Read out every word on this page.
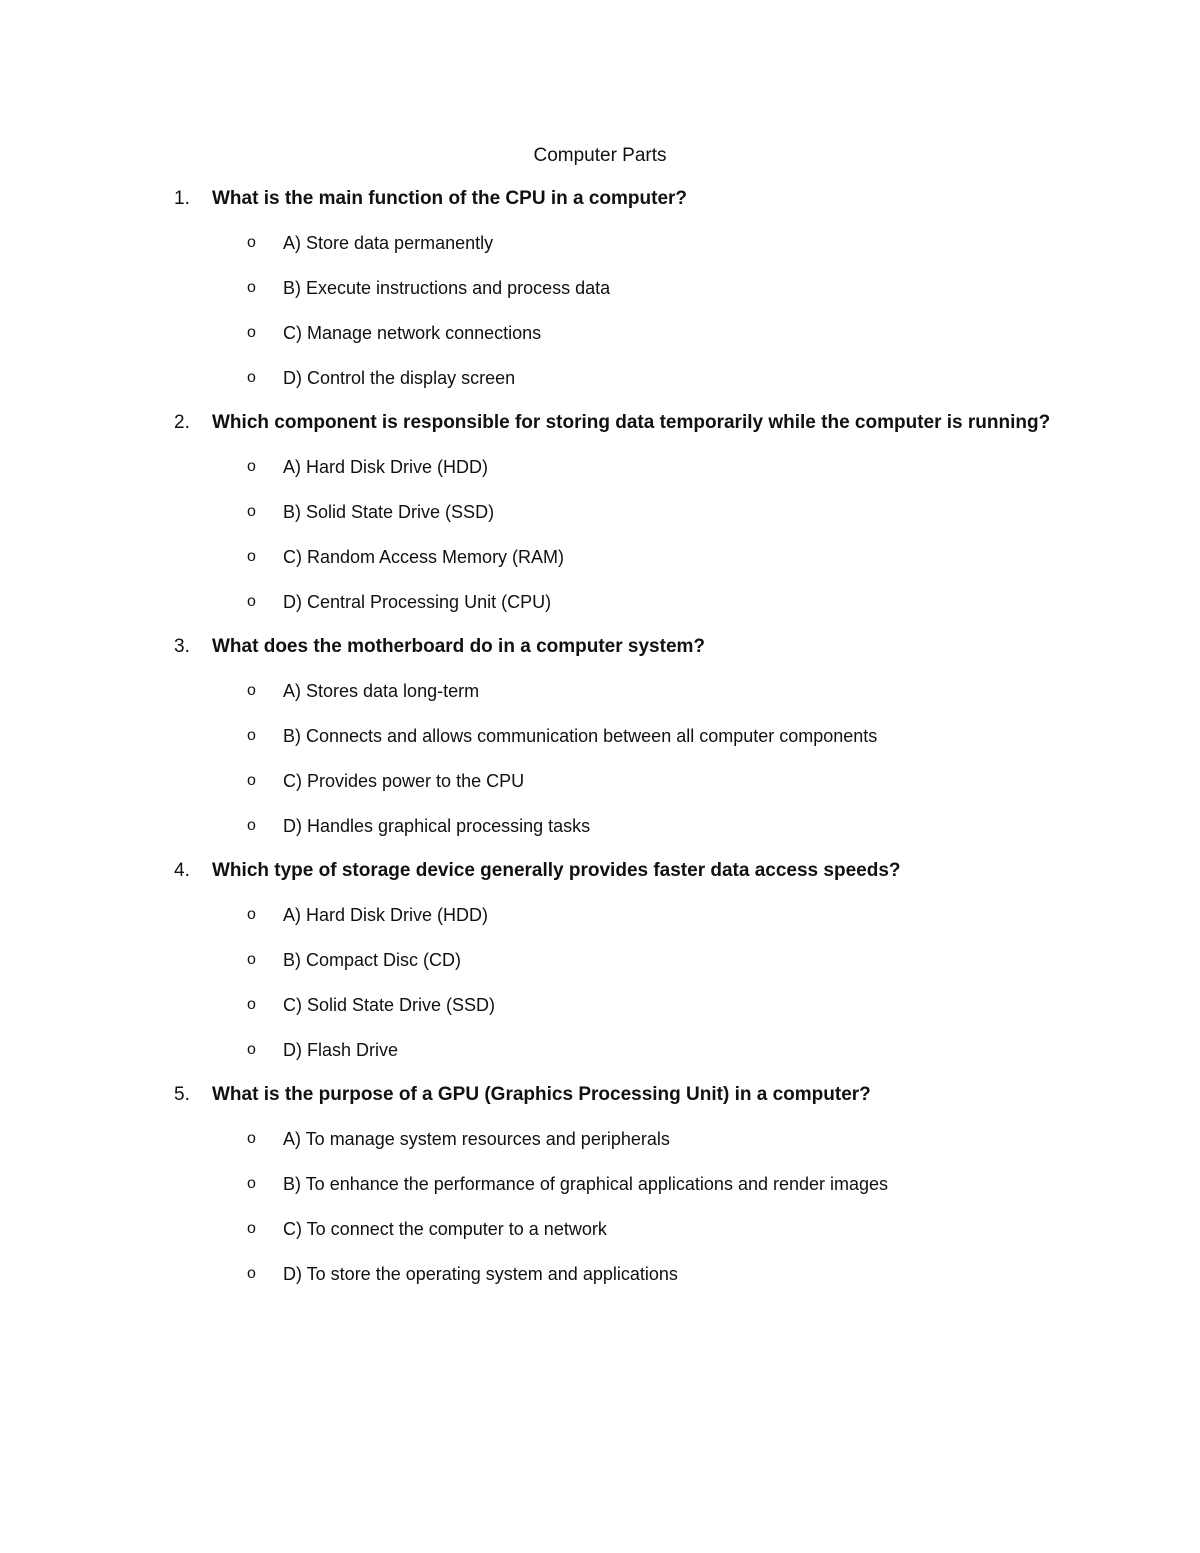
Computer Parts
1. What is the main function of the CPU in a computer?
o A) Store data permanently
o B) Execute instructions and process data
o C) Manage network connections
o D) Control the display screen
2. Which component is responsible for storing data temporarily while the computer is running?
o A) Hard Disk Drive (HDD)
o B) Solid State Drive (SSD)
o C) Random Access Memory (RAM)
o D) Central Processing Unit (CPU)
3. What does the motherboard do in a computer system?
o A) Stores data long-term
o B) Connects and allows communication between all computer components
o C) Provides power to the CPU
o D) Handles graphical processing tasks
4. Which type of storage device generally provides faster data access speeds?
o A) Hard Disk Drive (HDD)
o B) Compact Disc (CD)
o C) Solid State Drive (SSD)
o D) Flash Drive
5. What is the purpose of a GPU (Graphics Processing Unit) in a computer?
o A) To manage system resources and peripherals
o B) To enhance the performance of graphical applications and render images
o C) To connect the computer to a network
o D) To store the operating system and applications
